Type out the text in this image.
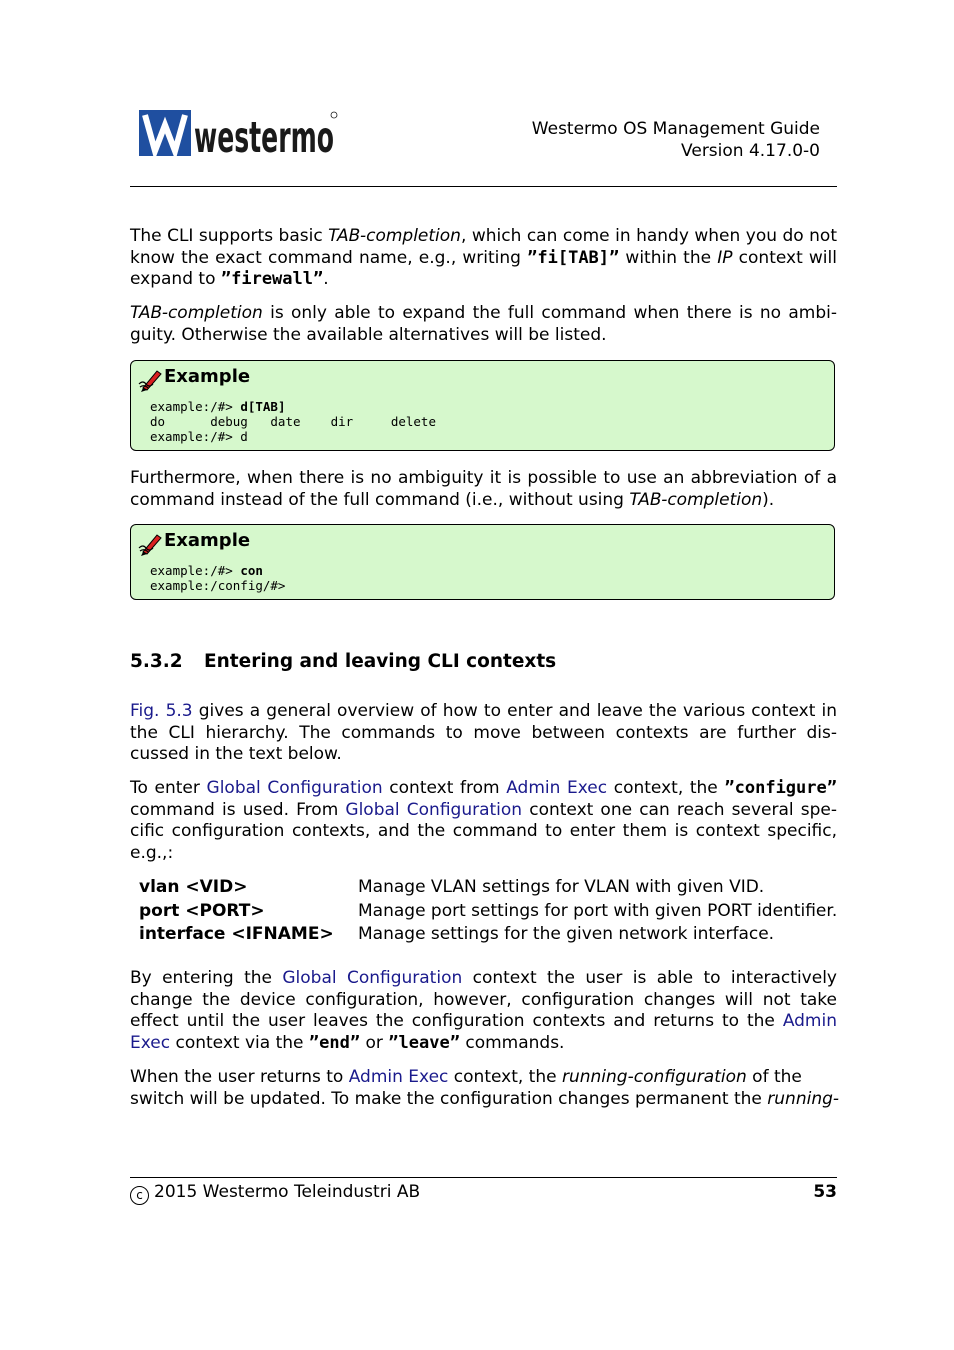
westermo	Westermo OS Management Guide
Version 4.17.0-0

The CLI supports basic TAB-completion, which can come in handy when you do not know the exact command name, e.g., writing ”fi[TAB]” within the IP context will expand to ”firewall”.

TAB-completion is only able to expand the full command when there is no ambi-guity. Otherwise the available alternatives will be listed.

Example
example:/#> d[TAB]
do      debug   date    dir     delete
example:/#> d

Furthermore, when there is no ambiguity it is possible to use an abbreviation of a command instead of the full command (i.e., without using TAB-completion).

Example
example:/#> con
example:/config/#>
5.3.2 Entering and leaving CLI contexts

Fig. 5.3 gives a general overview of how to enter and leave the various context in the CLI hierarchy. The commands to move between contexts are further dis-cussed in the text below.

To enter Global Configuration context from Admin Exec context, the ”configure” command is used. From Global Configuration context one can reach several spe-cific configuration contexts, and the command to enter them is context specific, e.g.,:

vlan <VID>	Manage VLAN settings for VLAN with given VID.
port <PORT>	Manage port settings for port with given PORT identifier.
interface <IFNAME>	Manage settings for the given network interface.

By entering the Global Configuration context the user is able to interactively change the device configuration, however, configuration changes will not take effect until the user leaves the configuration contexts and returns to the Admin Exec context via the ”end” or ”leave” commands.

When the user returns to Admin Exec context, the running-configuration of the switch will be updated. To make the configuration changes permanent the running-

c 2015 Westermo Teleindustri AB	53
